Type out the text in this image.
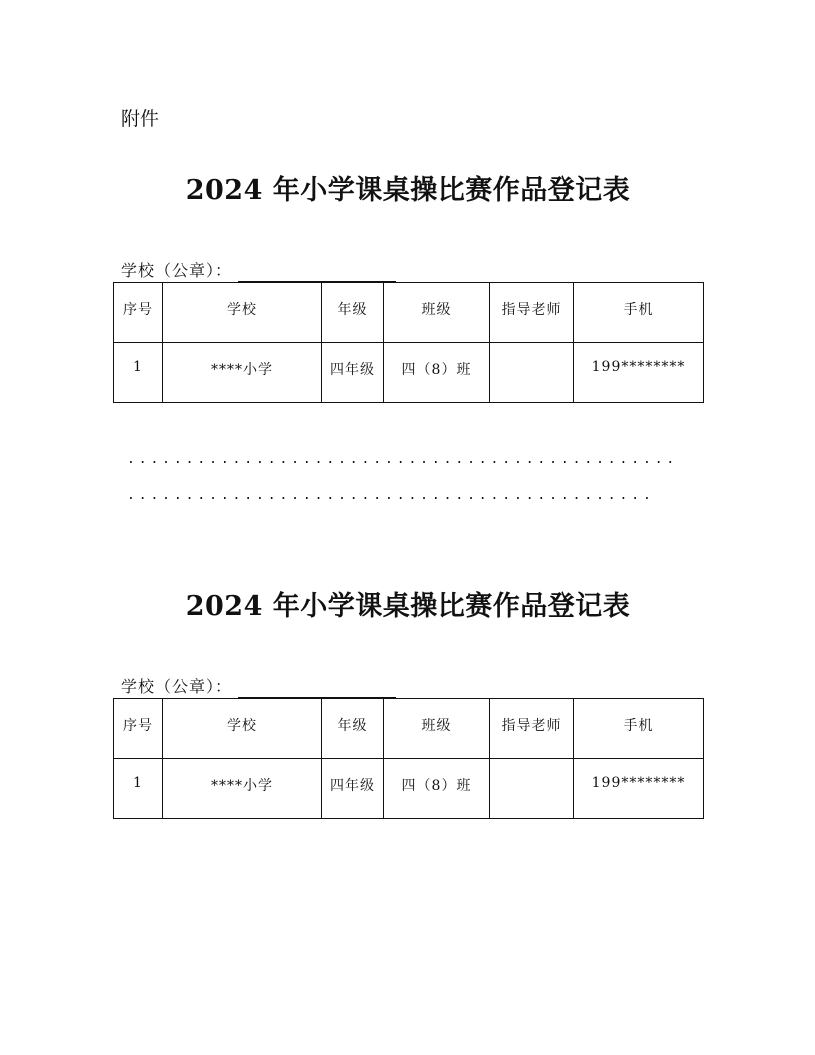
附件
2024 年小学课桌操比赛作品登记表
学校（公章）：
序号	学校	年级	班级	指导老师	手机
1	****小学	四年级	四（8）班		199********
...............................................
.............................................
2024 年小学课桌操比赛作品登记表
学校（公章）：
序号	学校	年级	班级	指导老师	手机
1	****小学	四年级	四（8）班		199********
